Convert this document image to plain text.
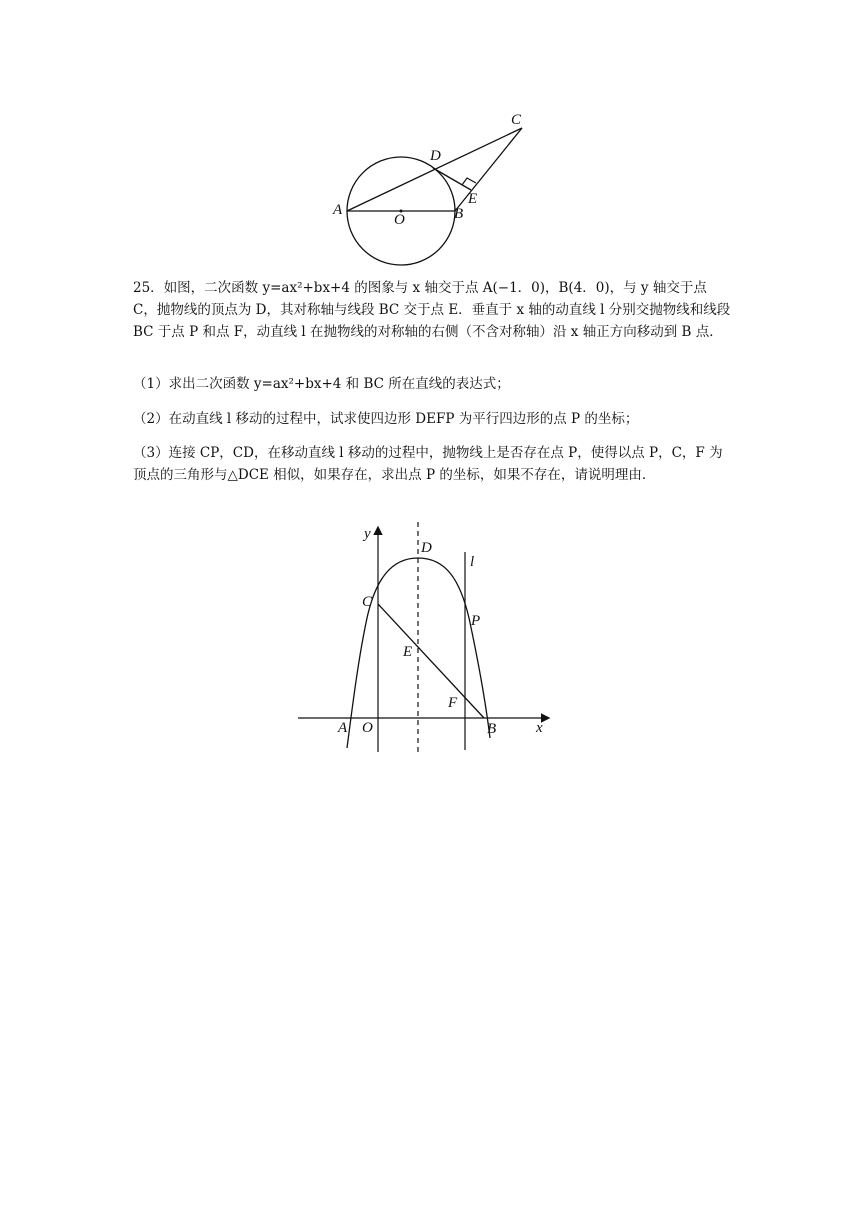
A	B
C
D
E
O

25．如图，二次函数 y=ax²+bx+4 的图象与 x 轴交于点 A(−1．0)，B(4．0)，与 y 轴交于点 C，抛物线的顶点为 D，其对称轴与线段 BC 交于点 E．垂直于 x 轴的动直线 l 分别交抛物线和线段 BC 于点 P 和点 F，动直线 l 在抛物线的对称轴的右侧（不含对称轴）沿 x 轴正方向移动到 B 点．

（1）求出二次函数 y=ax²+bx+4 和 BC 所在直线的表达式；

（2）在动直线 l 移动的过程中，试求使四边形 DEFP 为平行四边形的点 P 的坐标；

（3）连接 CP，CD，在移动直线 l 移动的过程中，抛物线上是否存在点 P，使得以点 P，C，F 为顶点的三角形与△DCE 相似，如果存在，求出点 P 的坐标，如果不存在，请说明理由．

y
x
D
l
C
P
E
F
A O	B
